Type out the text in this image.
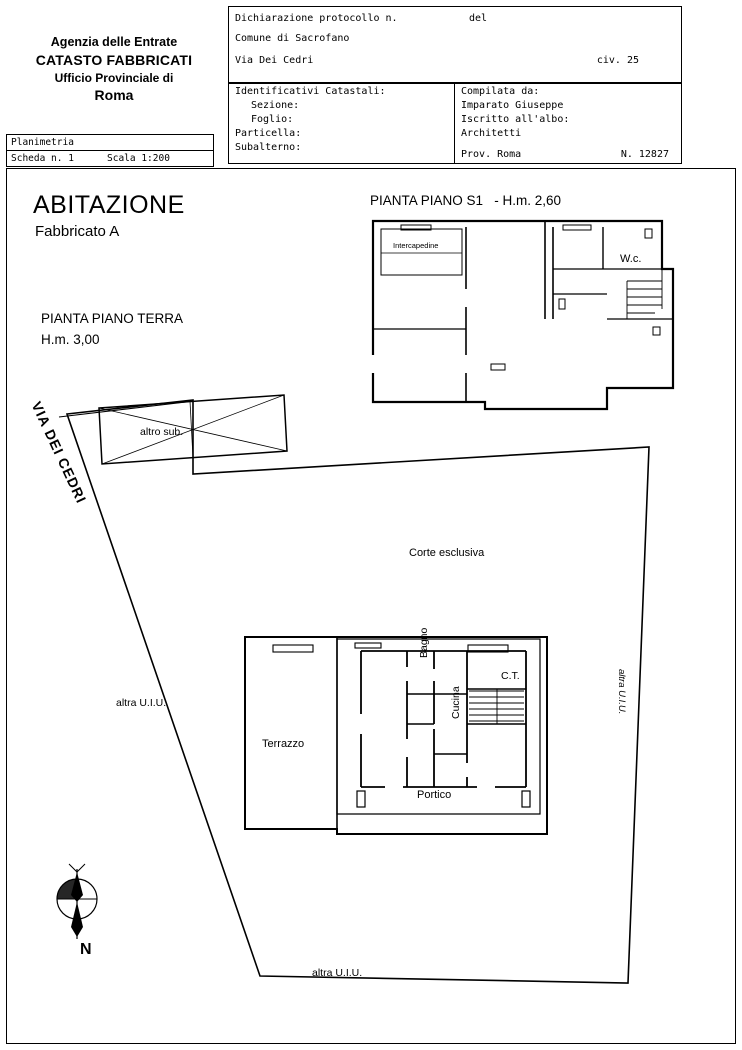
Agenzia delle Entrate
CATASTO FABBRICATI
Ufficio Provinciale di
Roma
Planimetria
Scheda n. 1	Scala 1:200
Dichiarazione protocollo n.	del
Comune di Sacrofano
Via Dei Cedri	civ. 25
Identificativi Catastali:
Sezione:
Foglio:
Particella:
Subalterno:
Compilata da:
Imparato Giuseppe
Iscritto all'albo:
Architetti
Prov. Roma	N. 12827
ABITAZIONE
Fabbricato A
PIANTA PIANO TERRA
H.m. 3,00
PIANTA PIANO S1   - H.m. 2,60
Intercapedine
W.c.
altro sub.
Corte esclusiva
altra U.I.U.
altra U.I.U.
altra U.I.U.
Terrazzo
Portico
Bagno
Cucina
C.T.
VIA DEI CEDRI
N
